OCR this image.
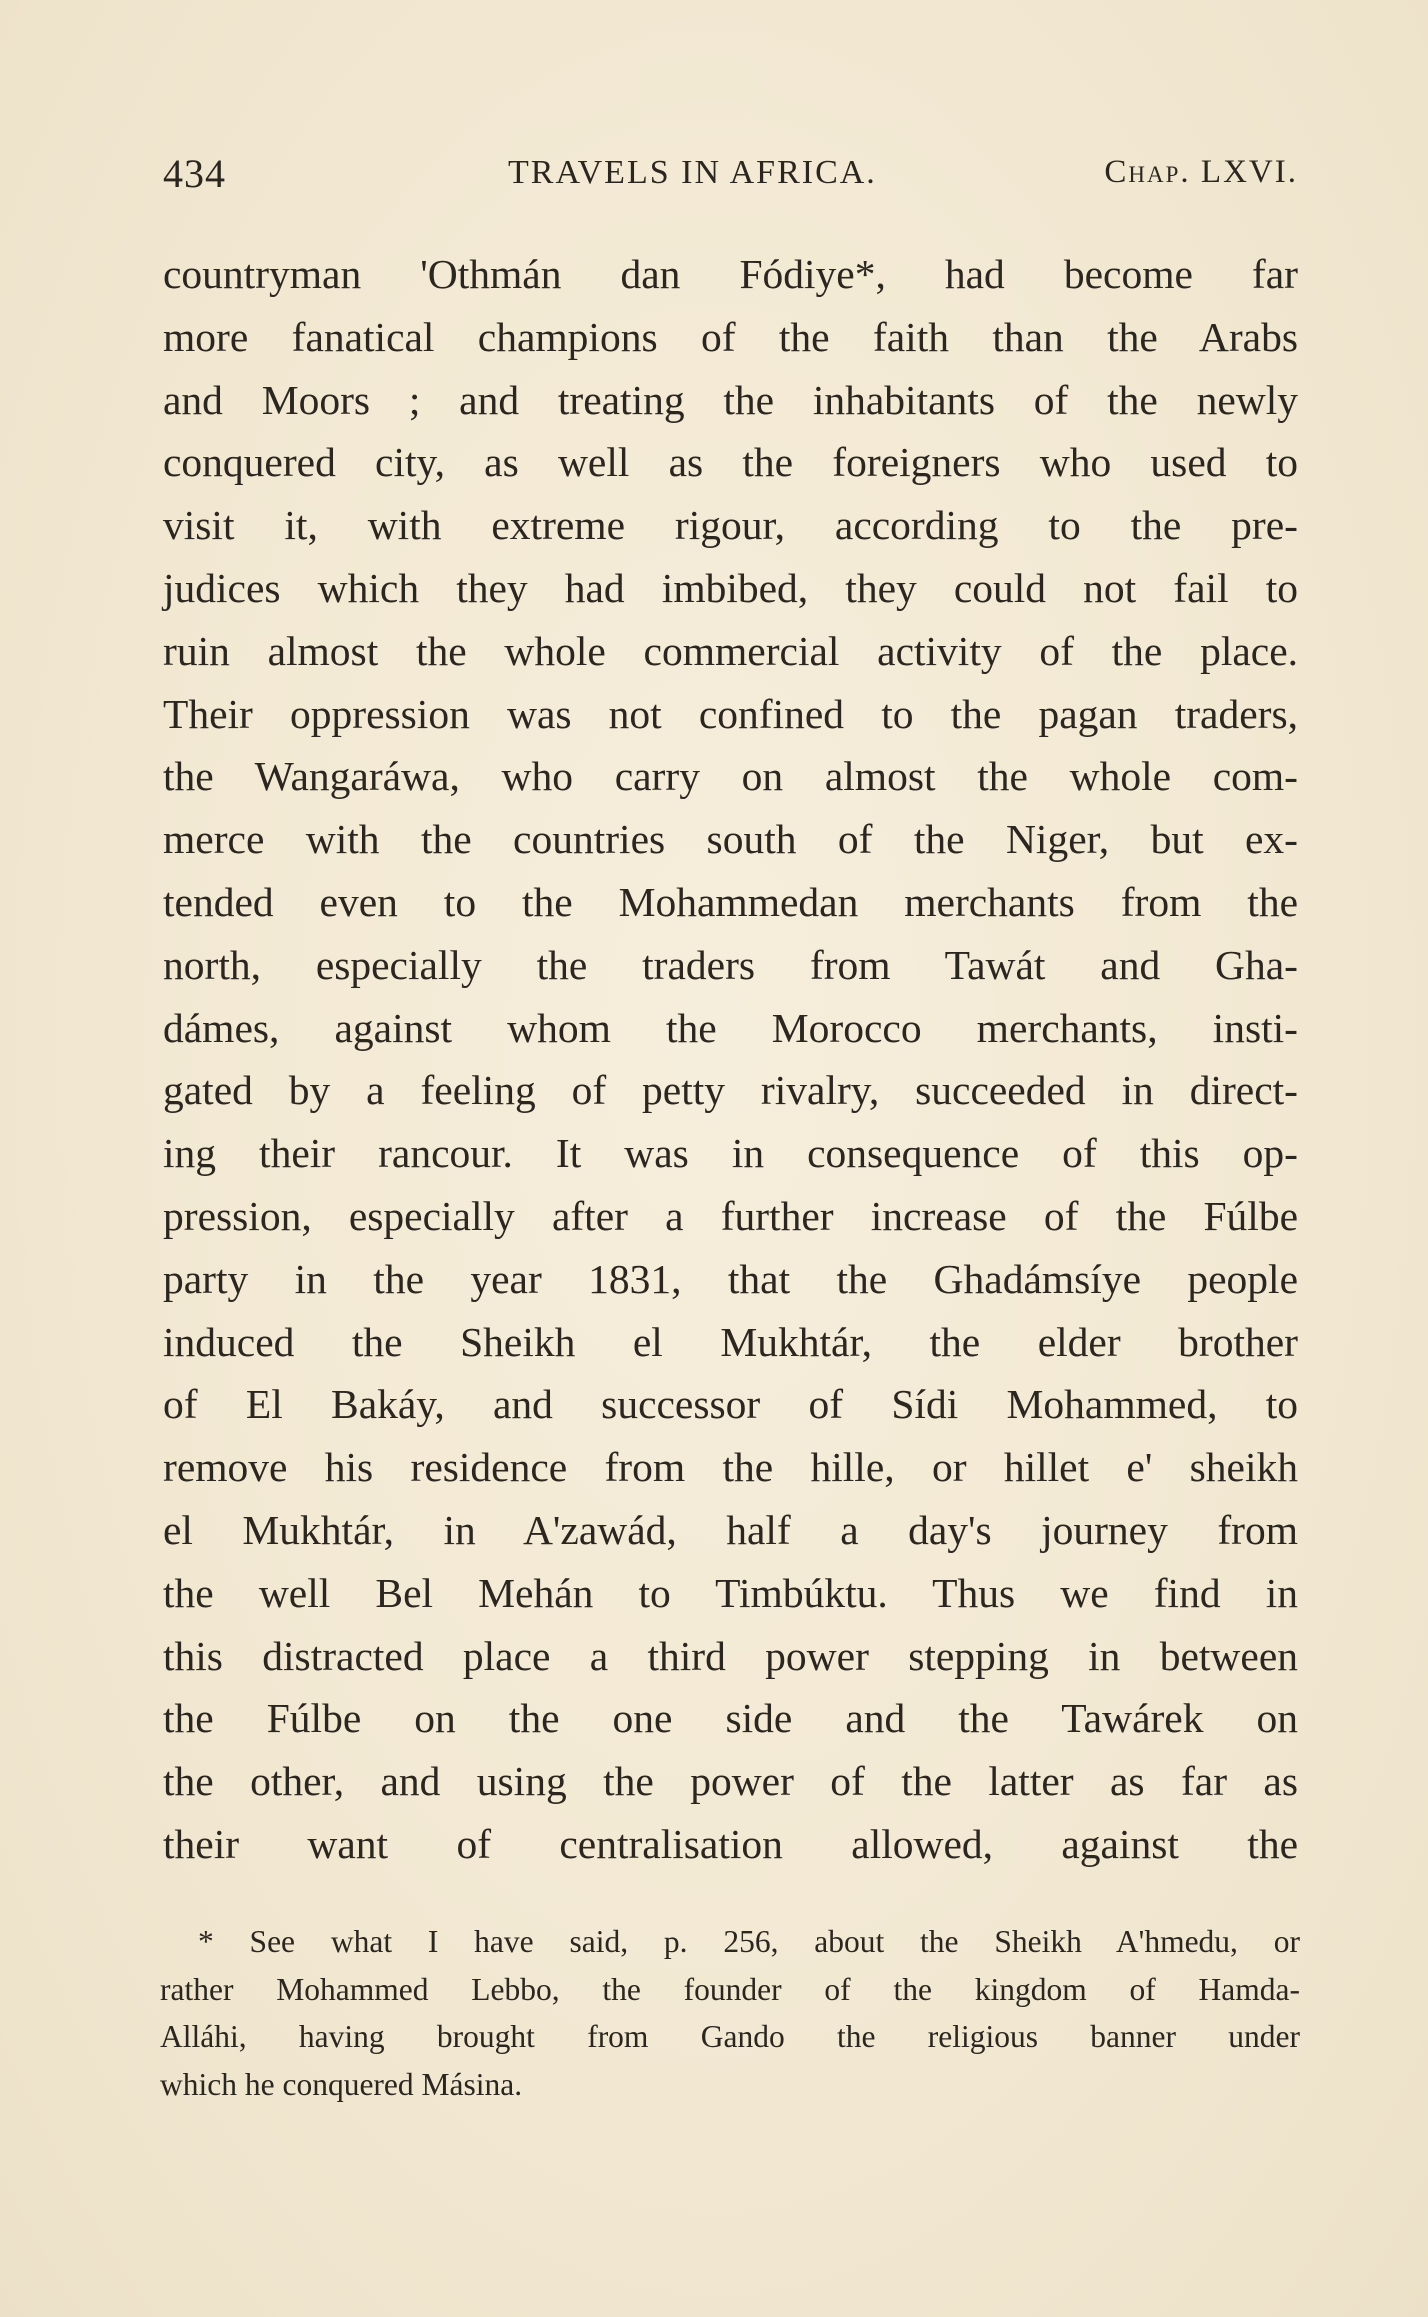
434	TRAVELS IN AFRICA.	Chap. LXVI.
countryman 'Othmán dan Fódiye*, had become far
more fanatical champions of the faith than the Arabs
and Moors ; and treating the inhabitants of the newly
conquered city, as well as the foreigners who used to
visit it, with extreme rigour, according to the pre-
judices which they had imbibed, they could not fail to
ruin almost the whole commercial activity of the place.
Their oppression was not confined to the pagan traders,
the Wangaráwa, who carry on almost the whole com-
merce with the countries south of the Niger, but ex-
tended even to the Mohammedan merchants from the
north, especially the traders from Tawát and Gha-
dámes, against whom the Morocco merchants, insti-
gated by a feeling of petty rivalry, succeeded in direct-
ing their rancour. It was in consequence of this op-
pression, especially after a further increase of the Fúlbe
party in the year 1831, that the Ghadámsíye people
induced the Sheikh el Mukhtár, the elder brother
of El Bakáy, and successor of Sídi Mohammed, to
remove his residence from the hille, or hillet e' sheikh
el Mukhtár, in A'zawád, half a day's journey from
the well Bel Mehán to Timbúktu. Thus we find in
this distracted place a third power stepping in between
the Fúlbe on the one side and the Tawárek on
the other, and using the power of the latter as far as
their want of centralisation allowed, against the
* See what I have said, p. 256, about the Sheikh A'hmedu, or
rather Mohammed Lebbo, the founder of the kingdom of Hamda-
Alláhi, having brought from Gando the religious banner under
which he conquered Másina.
